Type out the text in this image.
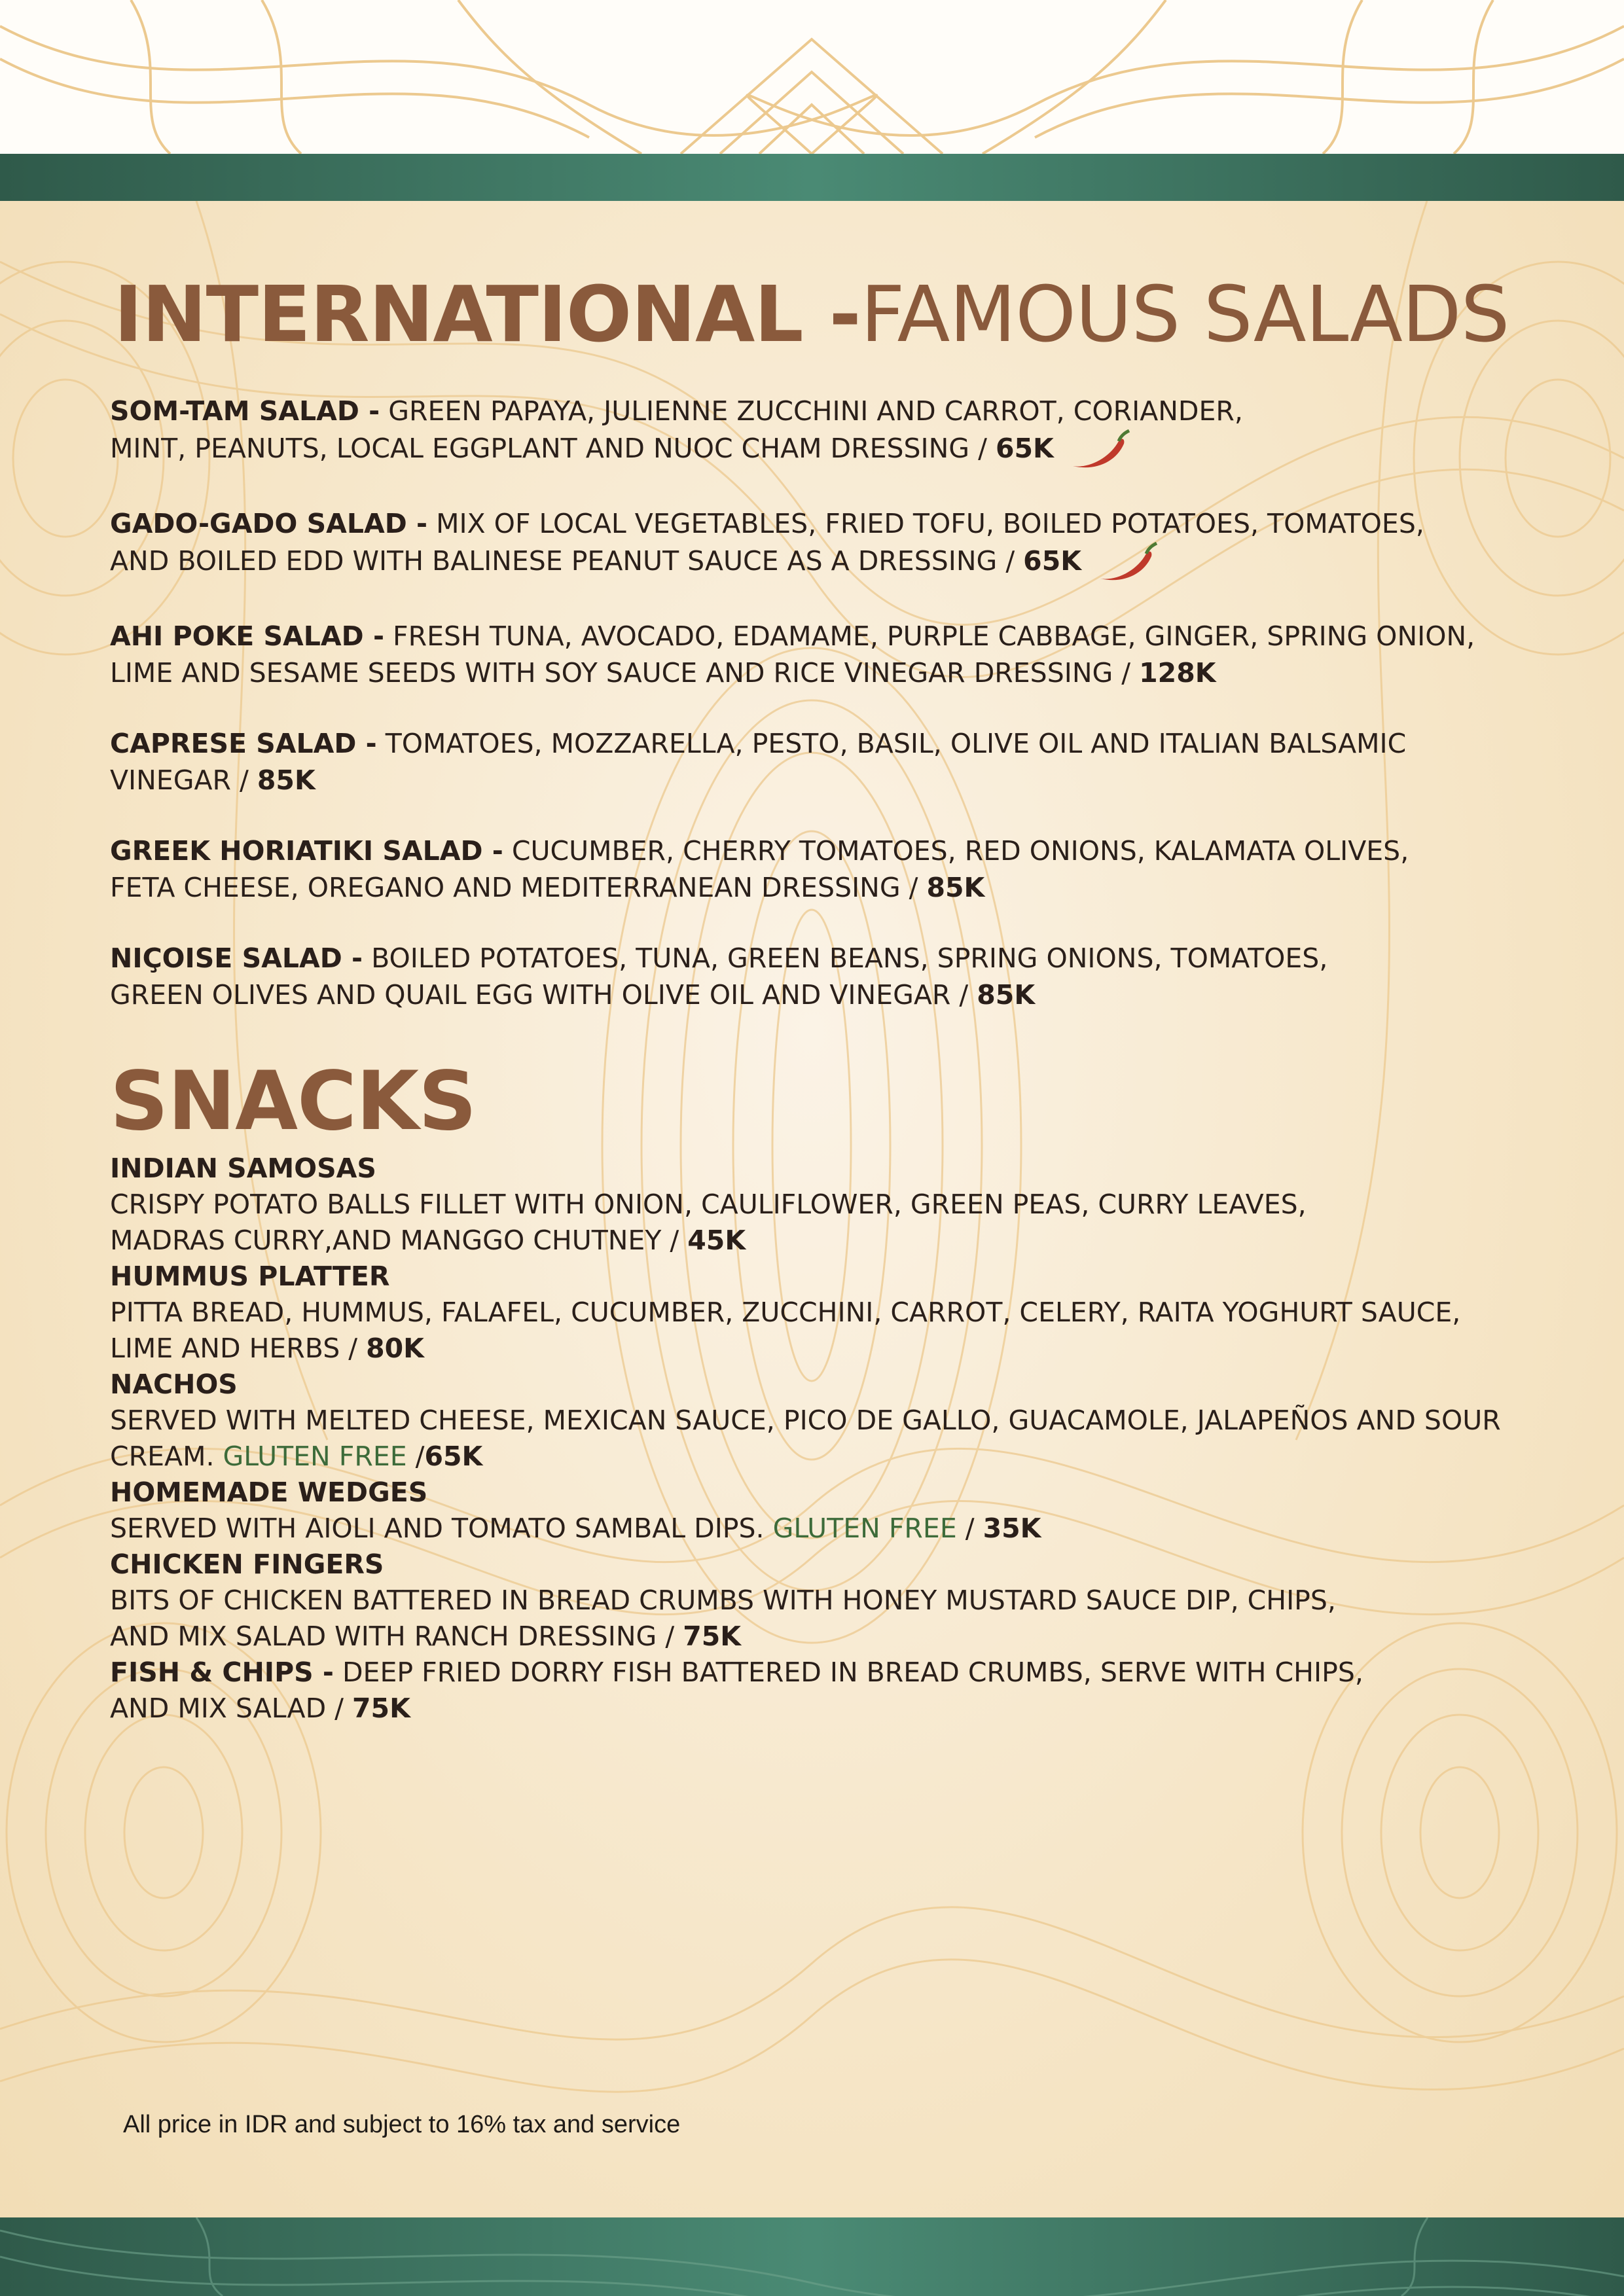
INTERNATIONAL -FAMOUS SALADS

SOM-TAM SALAD - GREEN PAPAYA, JULIENNE ZUCCHINI AND CARROT, CORIANDER,
MINT, PEANUTS, LOCAL EGGPLANT AND NUOC CHAM DRESSING / 65K

GADO-GADO SALAD - MIX OF LOCAL VEGETABLES, FRIED TOFU, BOILED POTATOES, TOMATOES,
AND BOILED EDD WITH BALINESE PEANUT SAUCE AS A DRESSING / 65K

AHI POKE SALAD - FRESH TUNA, AVOCADO, EDAMAME, PURPLE CABBAGE, GINGER, SPRING ONION,
LIME AND SESAME SEEDS WITH SOY SAUCE AND RICE VINEGAR DRESSING / 128K

CAPRESE SALAD - TOMATOES, MOZZARELLA, PESTO, BASIL, OLIVE OIL AND ITALIAN BALSAMIC
VINEGAR / 85K

GREEK HORIATIKI SALAD - CUCUMBER, CHERRY TOMATOES, RED ONIONS, KALAMATA OLIVES,
FETA CHEESE, OREGANO AND MEDITERRANEAN DRESSING / 85K

NIÇOISE SALAD - BOILED POTATOES, TUNA, GREEN BEANS, SPRING ONIONS, TOMATOES,
GREEN OLIVES AND QUAIL EGG WITH OLIVE OIL AND VINEGAR / 85K

SNACKS

INDIAN SAMOSAS

CRISPY POTATO BALLS FILLET WITH ONION, CAULIFLOWER, GREEN PEAS, CURRY LEAVES,
MADRAS CURRY,AND MANGGO CHUTNEY / 45K

HUMMUS PLATTER

PITTA BREAD, HUMMUS, FALAFEL, CUCUMBER, ZUCCHINI, CARROT, CELERY, RAITA YOGHURT SAUCE,
LIME AND HERBS / 80K

NACHOS

SERVED WITH MELTED CHEESE, MEXICAN SAUCE, PICO DE GALLO, GUACAMOLE, JALAPEÑOS AND SOUR
CREAM. GLUTEN FREE /65K

HOMEMADE WEDGES

SERVED WITH AIOLI AND TOMATO SAMBAL DIPS. GLUTEN FREE / 35K

CHICKEN FINGERS

BITS OF CHICKEN BATTERED IN BREAD CRUMBS WITH HONEY MUSTARD SAUCE DIP, CHIPS,
AND MIX SALAD WITH RANCH DRESSING / 75K

FISH & CHIPS - DEEP FRIED DORRY FISH BATTERED IN BREAD CRUMBS, SERVE WITH CHIPS,
AND MIX SALAD / 75K

All price in IDR and subject to 16% tax and service
